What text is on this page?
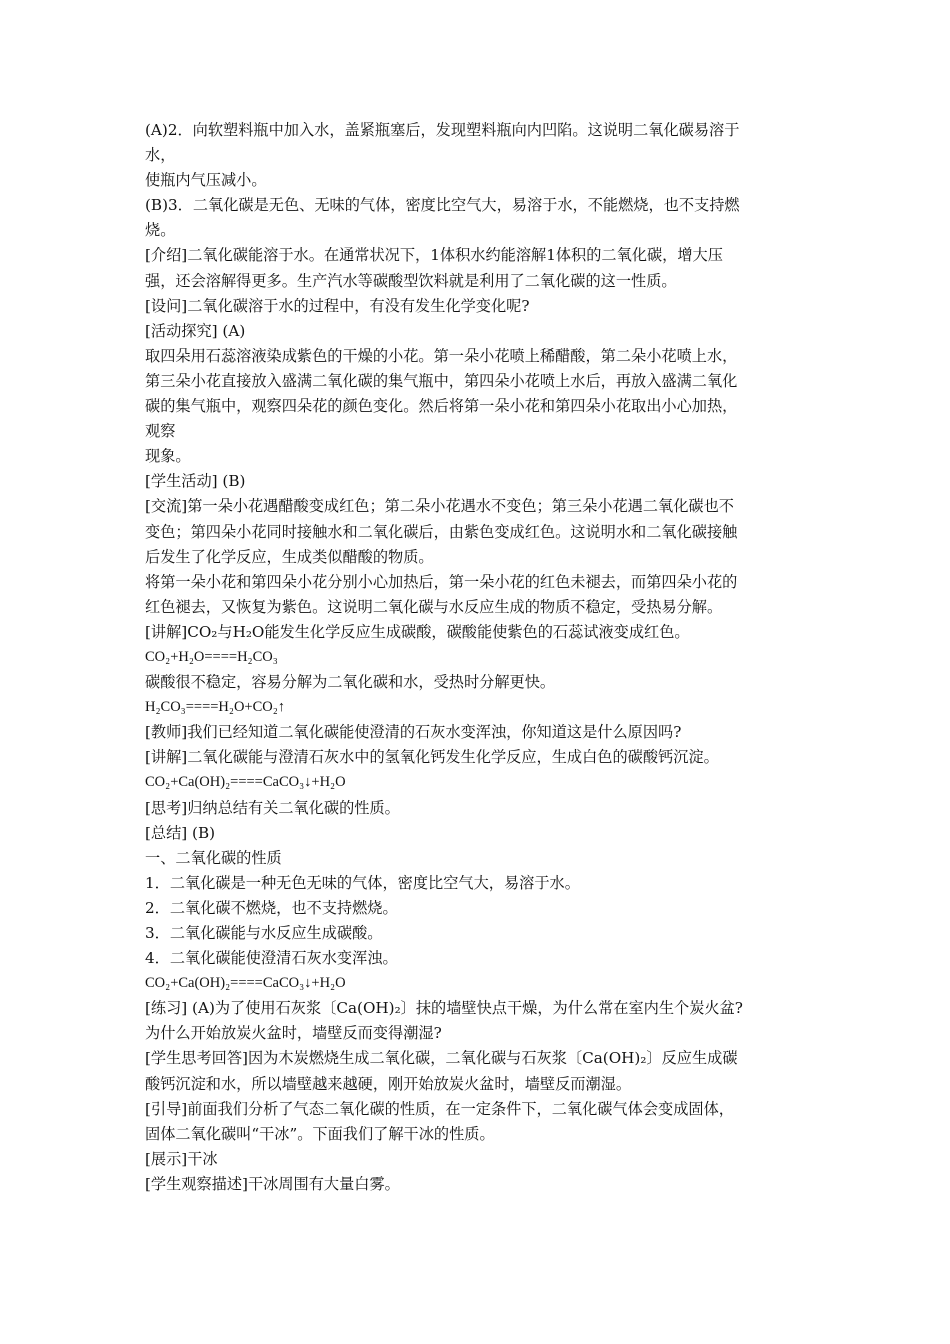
(A)2．向软塑料瓶中加入水，盖紧瓶塞后，发现塑料瓶向内凹陷。这说明二氧化碳易溶于
水，
使瓶内气压减小。
(B)3．二氧化碳是无色、无味的气体，密度比空气大，易溶于水，不能燃烧，也不支持燃
烧。
[介绍]二氧化碳能溶于水。在通常状况下，1体积水约能溶解1体积的二氧化碳，增大压
强，还会溶解得更多。生产汽水等碳酸型饮料就是利用了二氧化碳的这一性质。
[设问]二氧化碳溶于水的过程中，有没有发生化学变化呢?
[活动探究] (A)
取四朵用石蕊溶液染成紫色的干燥的小花。第一朵小花喷上稀醋酸，第二朵小花喷上水，
第三朵小花直接放入盛满二氧化碳的集气瓶中，第四朵小花喷上水后，再放入盛满二氧化
碳的集气瓶中，观察四朵花的颜色变化。然后将第一朵小花和第四朵小花取出小心加热，
观察
现象。
[学生活动] (B)
[交流]第一朵小花遇醋酸变成红色；第二朵小花遇水不变色；第三朵小花遇二氧化碳也不
变色；第四朵小花同时接触水和二氧化碳后，由紫色变成红色。这说明水和二氧化碳接触
后发生了化学反应，生成类似醋酸的物质。
将第一朵小花和第四朵小花分别小心加热后，第一朵小花的红色未褪去，而第四朵小花的
红色褪去，又恢复为紫色。这说明二氧化碳与水反应生成的物质不稳定，受热易分解。
[讲解]CO₂与H₂O能发生化学反应生成碳酸，碳酸能使紫色的石蕊试液变成红色。
CO₂+H₂O====H₂CO₃
碳酸很不稳定，容易分解为二氧化碳和水，受热时分解更快。
H₂CO₃====H₂O+CO₂↑
[教师]我们已经知道二氧化碳能使澄清的石灰水变浑浊，你知道这是什么原因吗?
[讲解]二氧化碳能与澄清石灰水中的氢氧化钙发生化学反应，生成白色的碳酸钙沉淀。
CO₂+Ca(OH)₂====CaCO₃↓+H₂O
[思考]归纳总结有关二氧化碳的性质。
[总结] (B)
一、二氧化碳的性质
1．二氧化碳是一种无色无味的气体，密度比空气大，易溶于水。
2．二氧化碳不燃烧，也不支持燃烧。
3．二氧化碳能与水反应生成碳酸。
4．二氧化碳能使澄清石灰水变浑浊。
CO₂+Ca(OH)₂====CaCO₃↓+H₂O
[练习] (A)为了使用石灰浆〔Ca(OH)₂〕抹的墙壁快点干燥，为什么常在室内生个炭火盆?
为什么开始放炭火盆时，墙壁反而变得潮湿?
[学生思考回答]因为木炭燃烧生成二氧化碳，二氧化碳与石灰浆〔Ca(OH)₂〕反应生成碳
酸钙沉淀和水，所以墙壁越来越硬，刚开始放炭火盆时，墙壁反而潮湿。
[引导]前面我们分析了气态二氧化碳的性质，在一定条件下，二氧化碳气体会变成固体，
固体二氧化碳叫“干冰”。下面我们了解干冰的性质。
[展示]干冰
[学生观察描述]干冰周围有大量白雾。
